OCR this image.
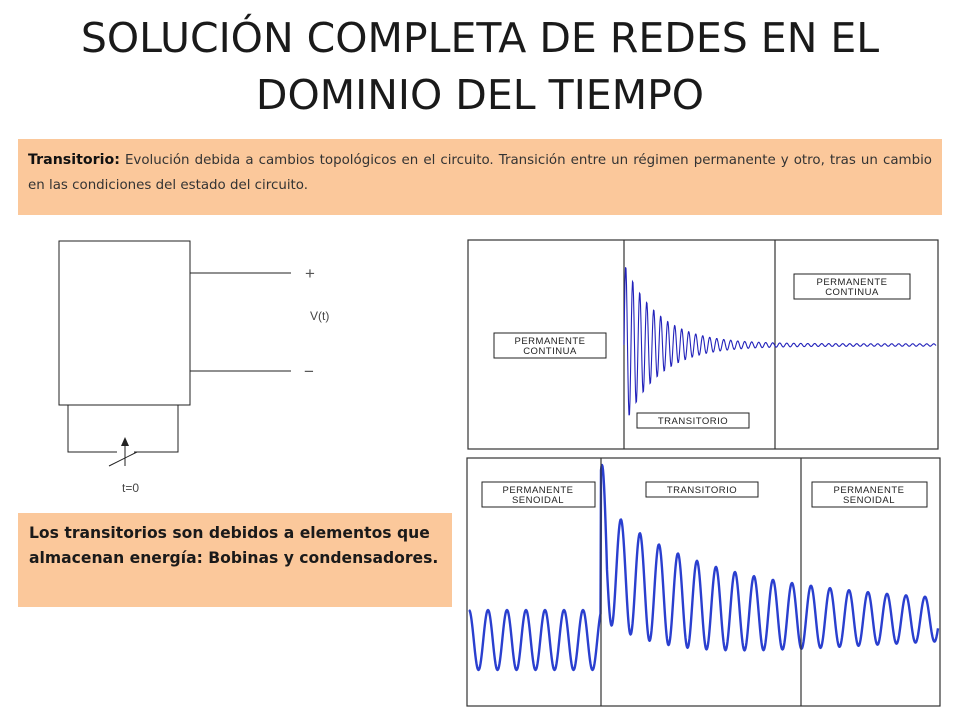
SOLUCIÓN COMPLETA DE REDES EN EL DOMINIO DEL TIEMPO

Transitorio: Evolución debida a cambios topológicos en el circuito. Transición entre un régimen permanente y otro, tras un cambio en las condiciones del estado del circuito.

+
−
V(t)
t=0
PERMANENTE
CONTINUA
PERMANENTE
CONTINUA
TRANSITORIO
PERMANENTE
SENOIDAL
TRANSITORIO	PERMANENTE
SENOIDAL

Los transitorios son debidos a elementos que almacenan energía: Bobinas y condensadores.
